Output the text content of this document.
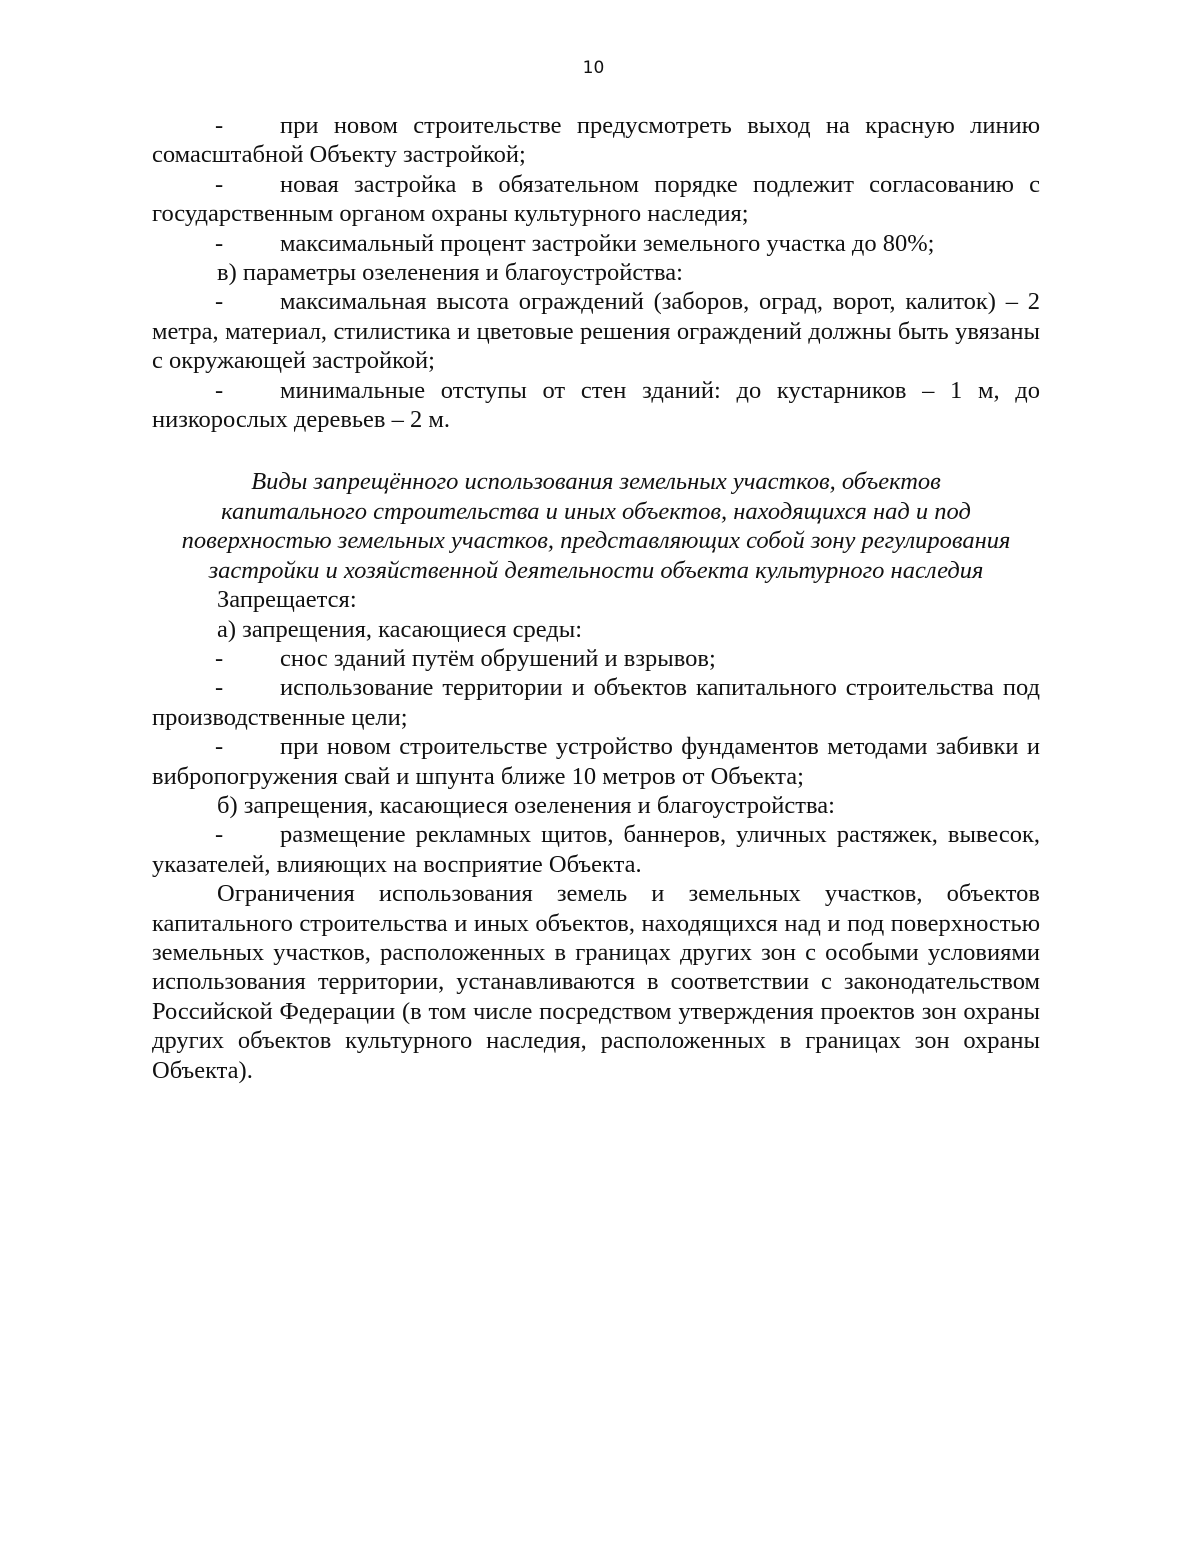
10

- при новом строительстве предусмотреть выход на красную линию сомасштабной Объекту застройкой;

- новая застройка в обязательном порядке подлежит согласованию с государственным органом охраны культурного наследия;

- максимальный процент застройки земельного участка до 80%;

в) параметры озеленения и благоустройства:

- максимальная высота ограждений (заборов, оград, ворот, калиток) – 2 метра, материал, стилистика и цветовые решения ограждений должны быть увязаны с окружающей застройкой;

- минимальные отступы от стен зданий: до кустарников – 1 м, до низкорослых деревьев – 2 м.

Виды запрещённого использования земельных участков, объектов
капитального строительства и иных объектов, находящихся над и под
поверхностью земельных участков, представляющих собой зону регулирования
застройки и хозяйственной деятельности объекта культурного наследия

Запрещается:

а) запрещения, касающиеся среды:

- снос зданий путём обрушений и взрывов;

- использование территории и объектов капитального строительства под производственные цели;

- при новом строительстве устройство фундаментов методами забивки и вибропогружения свай и шпунта ближе 10 метров от Объекта;

б) запрещения, касающиеся озеленения и благоустройства:

- размещение рекламных щитов, баннеров, уличных растяжек, вывесок, указателей, влияющих на восприятие Объекта.

Ограничения использования земель и земельных участков, объектов капитального строительства и иных объектов, находящихся над и под поверхностью земельных участков, расположенных в границах других зон с особыми условиями использования территории, устанавливаются в соответствии с законодательством Российской Федерации (в том числе посредством утверждения проектов зон охраны других объектов культурного наследия, расположенных в границах зон охраны Объекта).
